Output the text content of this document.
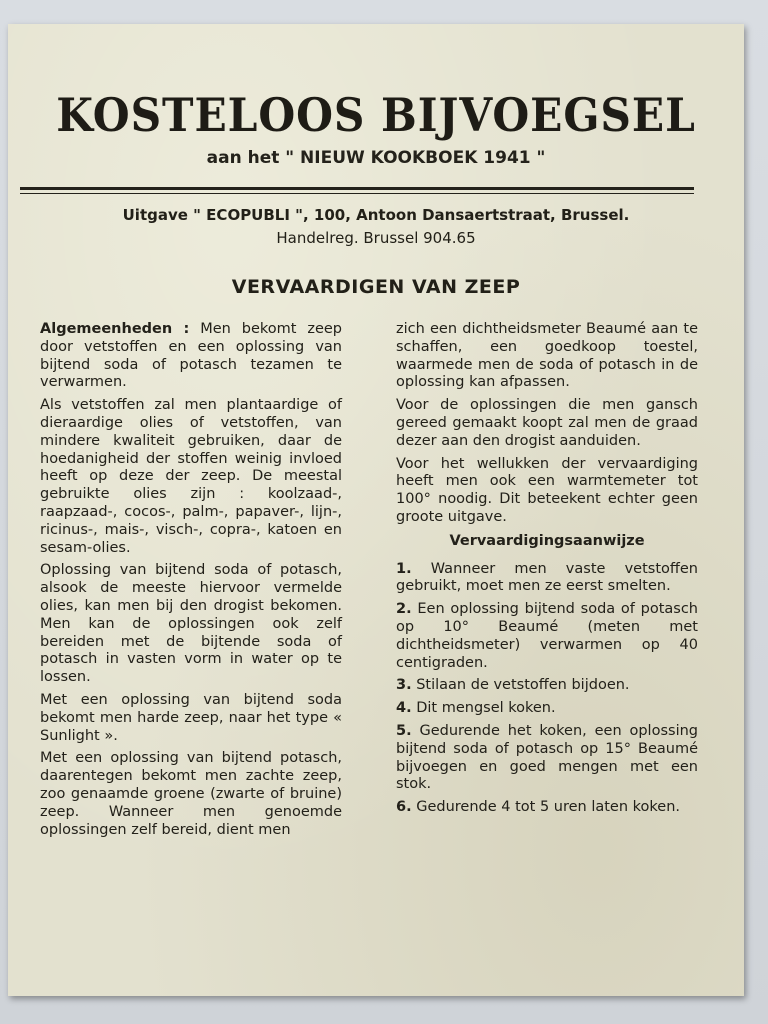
KOSTELOOS BIJVOEGSEL
aan het " NIEUW KOOKBOEK 1941 "
Uitgave " ECOPUBLI ", 100, Antoon Dansaertstraat, Brussel.
Handelreg. Brussel 904.65
VERVAARDIGEN VAN ZEEP

Algemeenheden : Men bekomt zeep door vetstoffen en een oplossing van bijtend soda of potasch tezamen te verwarmen.

Als vetstoffen zal men plantaardige of dieraardige olies of vetstoffen, van mindere kwaliteit gebruiken, daar de hoedanigheid der stoffen weinig invloed heeft op deze der zeep. De meestal gebruikte olies zijn : koolzaad-, raapzaad-, cocos-, palm-, papaver-, lijn-, ricinus-, mais-, visch-, copra-, katoen en sesam-olies.

Oplossing van bijtend soda of potasch, alsook de meeste hiervoor vermelde olies, kan men bij den drogist bekomen. Men kan de oplossingen ook zelf bereiden met de bijtende soda of potasch in vasten vorm in water op te lossen.

Met een oplossing van bijtend soda bekomt men harde zeep, naar het type « Sunlight ».

Met een oplossing van bijtend potasch, daarentegen bekomt men zachte zeep, zoo genaamde groene (zwarte of bruine) zeep. Wanneer men genoemde oplossingen zelf bereid, dient men

zich een dichtheidsmeter Beaumé aan te schaffen, een goedkoop toestel, waarmede men de soda of potasch in de oplossing kan afpassen.

Voor de oplossingen die men gansch gereed gemaakt koopt zal men de graad dezer aan den drogist aanduiden.

Voor het wellukken der vervaardiging heeft men ook een warmtemeter tot 100° noodig. Dit beteekent echter geen groote uitgave.

Vervaardigingsaanwijze

1. Wanneer men vaste vetstoffen gebruikt, moet men ze eerst smelten.

2. Een oplossing bijtend soda of potasch op 10° Beaumé (meten met dichtheidsmeter) verwarmen op 40 centigraden.

3. Stilaan de vetstoffen bijdoen.

4. Dit mengsel koken.

5. Gedurende het koken, een oplossing bijtend soda of potasch op 15° Beaumé bijvoegen en goed mengen met een stok.

6. Gedurende 4 tot 5 uren laten koken.
